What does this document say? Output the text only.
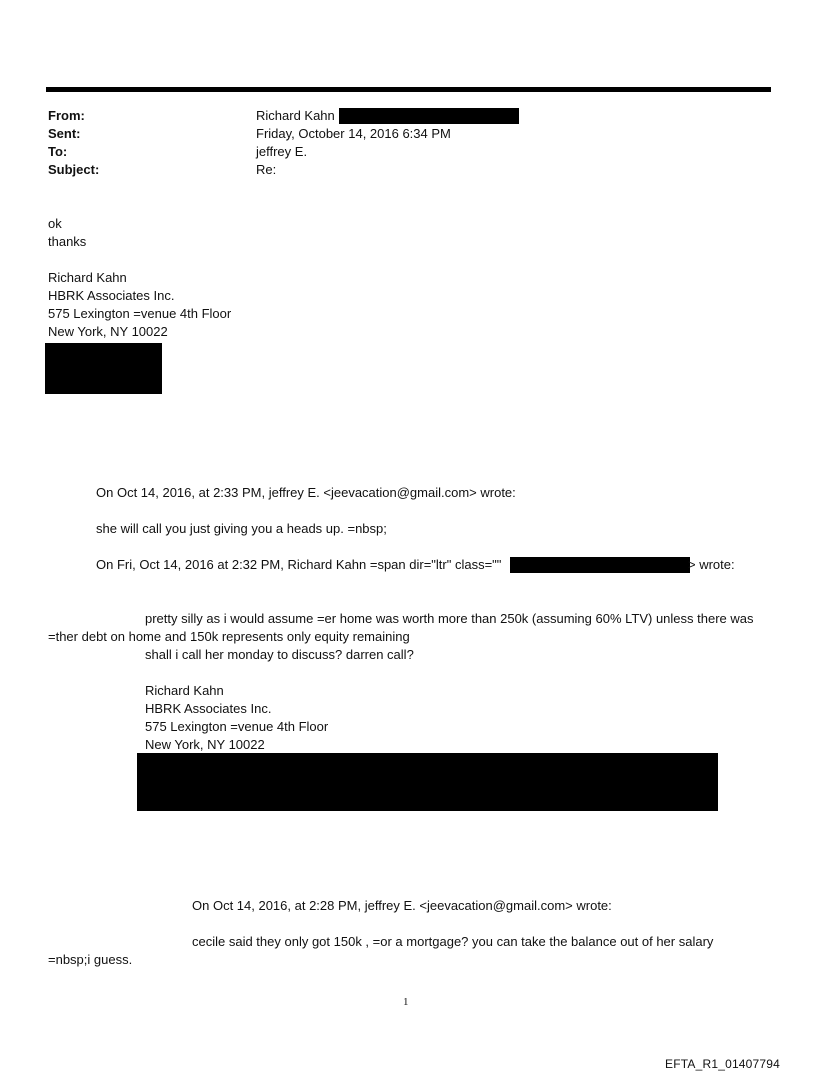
From:
Sent:
To:
Subject:
Richard Kahn
Friday, October 14, 2016 6:34 PM
jeffrey E.
Re:
ok
thanks
Richard Kahn
HBRK Associates Inc.
575 Lexington =venue 4th Floor
New York, NY 10022
On Oct 14, 2016, at 2:33 PM, jeffrey E. <jeevacation@gmail.com> wrote:
she will call you just giving you a heads up. =nbsp;
On Fri, Oct 14, 2016 at 2:32 PM, Richard Kahn =span dir="ltr" class=""	> wrote:
pretty silly as i would assume =er home was worth more than 250k (assuming 60% LTV) unless there was
=ther debt on home and 150k represents only equity remaining
shall i call her monday to discuss? darren call?
Richard Kahn
HBRK Associates Inc.
575 Lexington =venue 4th Floor
New York, NY 10022
On Oct 14, 2016, at 2:28 PM, jeffrey E. <jeevacation@gmail.com> wrote:
cecile said they only got 150k , =or a mortgage? you can take the balance out of her salary
=nbsp;i guess.
1
EFTA_R1_01407794
